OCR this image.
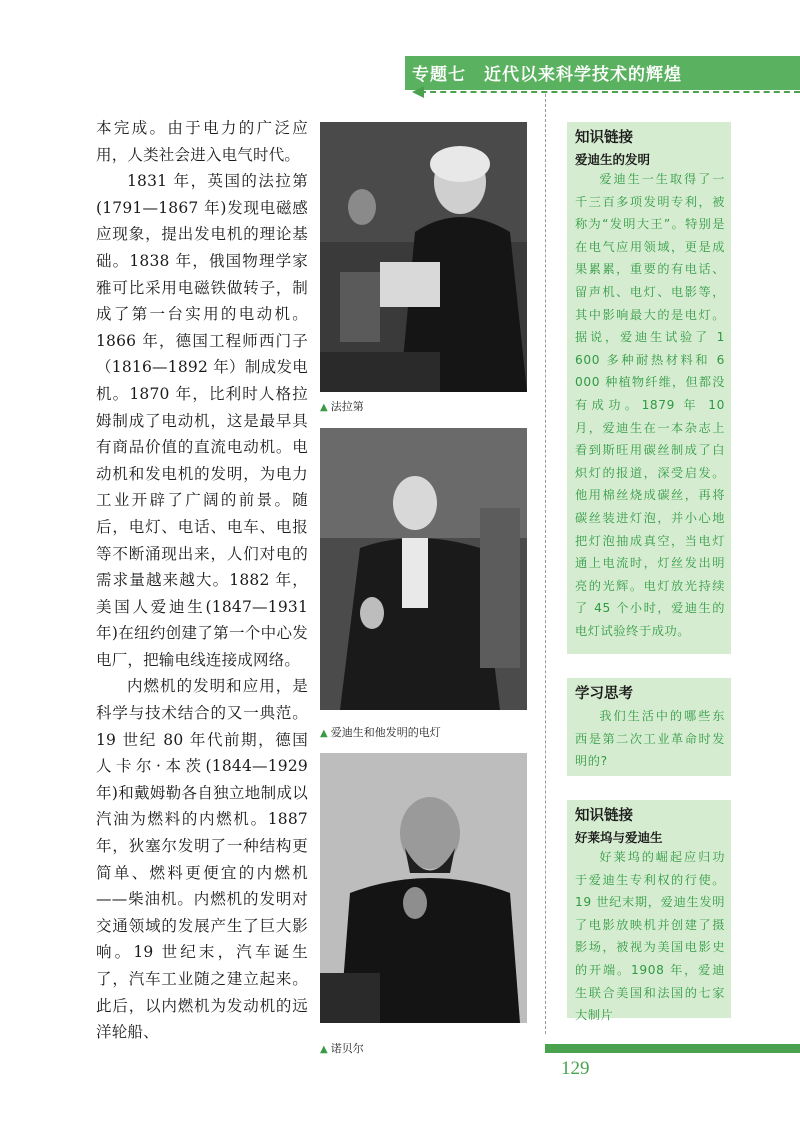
专题七　近代以来科学技术的辉煌

本完成。由于电力的广泛应用，人类社会进入电气时代。

1831 年，英国的法拉第(1791—1867 年)发现电磁感应现象，提出发电机的理论基础。1838 年，俄国物理学家雅可比采用电磁铁做转子，制成了第一台实用的电动机。1866 年，德国工程师西门子（1816—1892 年）制成发电机。1870 年，比利时人格拉姆制成了电动机，这是最早具有商品价值的直流电动机。电动机和发电机的发明，为电力工业开辟了广阔的前景。随后，电灯、电话、电车、电报等不断涌现出来，人们对电的需求量越来越大。1882 年，美国人爱迪生(1847—1931 年)在纽约创建了第一个中心发电厂，把输电线连接成网络。

内燃机的发明和应用，是科学与技术结合的又一典范。19 世纪 80 年代前期，德国人卡尔·本茨(1844—1929 年)和戴姆勒各自独立地制成以汽油为燃料的内燃机。1887 年，狄塞尔发明了一种结构更简单、燃料更便宜的内燃机——柴油机。内燃机的发明对交通领域的发展产生了巨大影响。19 世纪末，汽车诞生了，汽车工业随之建立起来。此后，以内燃机为发动机的远洋轮船、

▲ 法拉第
▲ 爱迪生和他发明的电灯
▲ 诺贝尔
知识链接
爱迪生的发明
爱迪生一生取得了一千三百多项发明专利，被称为“发明大王”。特别是在电气应用领域，更是成果累累，重要的有电话、留声机、电灯、电影等，其中影响最大的是电灯。据说，爱迪生试验了 1 600 多种耐热材料和 6 000 种植物纤维，但都没有成功。1879 年 10 月，爱迪生在一本杂志上看到斯旺用碳丝制成了白炽灯的报道，深受启发。他用棉丝烧成碳丝，再将碳丝装进灯泡，并小心地把灯泡抽成真空，当电灯通上电流时，灯丝发出明亮的光辉。电灯放光持续了 45 个小时，爱迪生的电灯试验终于成功。
学习思考
我们生活中的哪些东西是第二次工业革命时发明的?
知识链接
好莱坞与爱迪生
好莱坞的崛起应归功于爱迪生专利权的行使。19 世纪末期，爱迪生发明了电影放映机并创建了摄影场，被视为美国电影史的开端。1908 年，爱迪生联合美国和法国的七家大制片
129
